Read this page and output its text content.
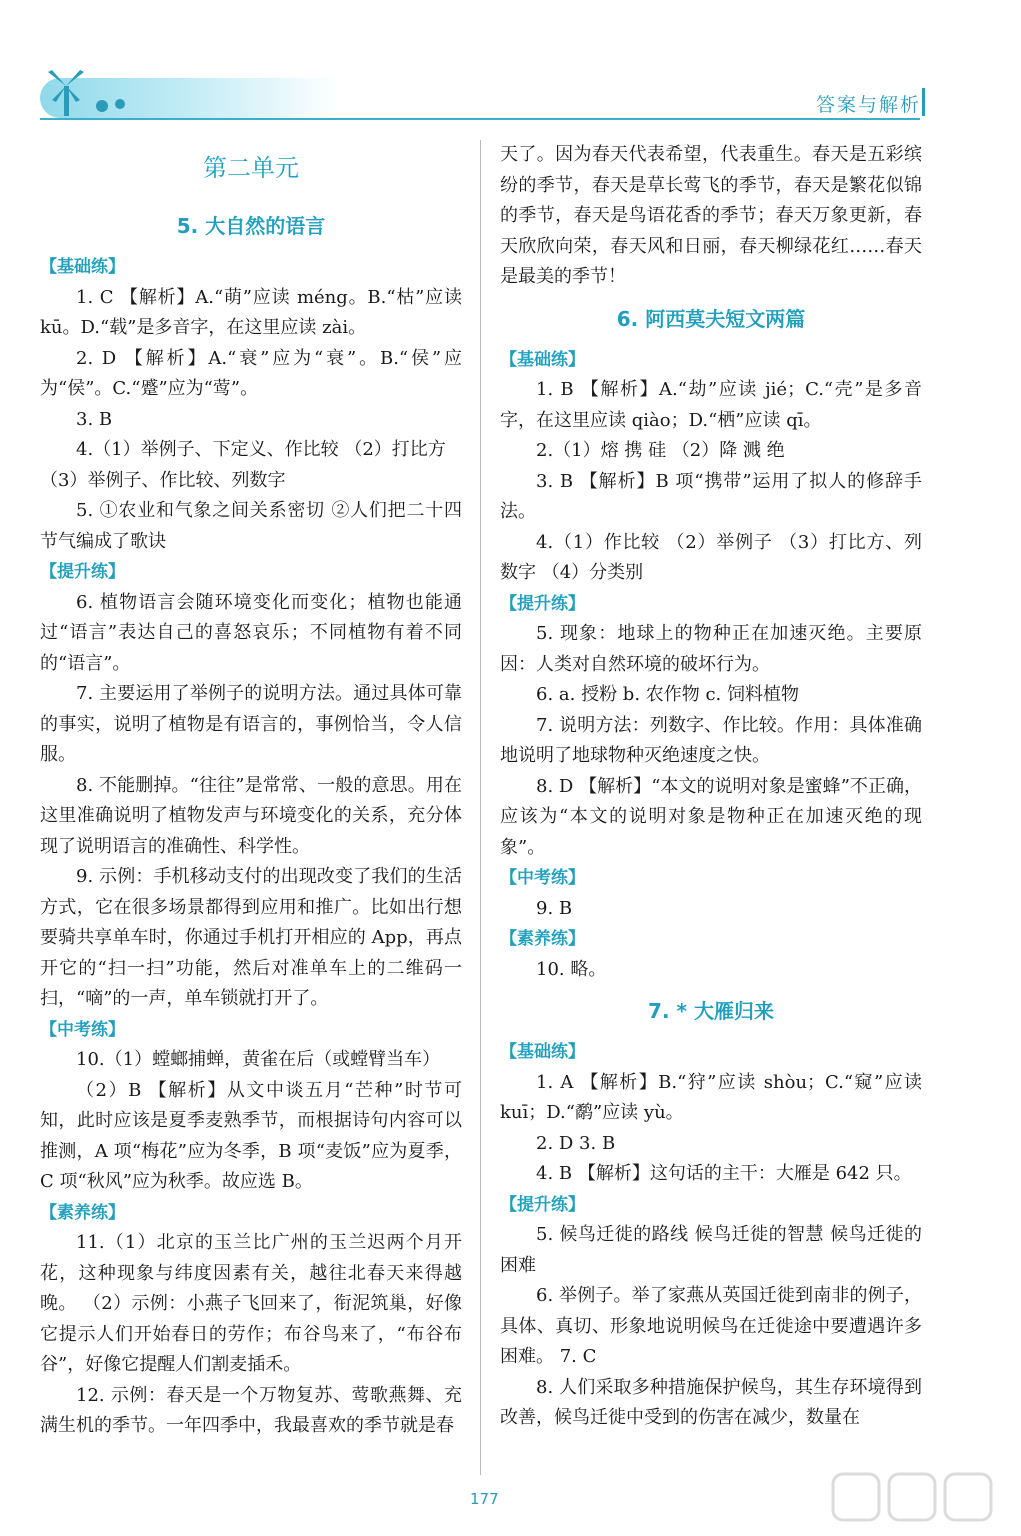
答案与解析
第二单元
5. 大自然的语言
【基础练】
1. C 【解析】A.“萌”应读 méng。B.“枯”应读 kū。D.“载”是多音字，在这里应读 zài。
2. D 【解析】A.“衰”应为“衰”。B.“侯”应为“侯”。C.“蹙”应为“莺”。
3. B
4.（1）举例子、下定义、作比较 （2）打比方
（3）举例子、作比较、列数字
5. ①农业和气象之间关系密切 ②人们把二十四节气编成了歌诀
【提升练】
6. 植物语言会随环境变化而变化；植物也能通过“语言”表达自己的喜怒哀乐；不同植物有着不同的“语言”。
7. 主要运用了举例子的说明方法。通过具体可靠的事实，说明了植物是有语言的，事例恰当，令人信服。
8. 不能删掉。“往往”是常常、一般的意思。用在这里准确说明了植物发声与环境变化的关系，充分体现了说明语言的准确性、科学性。
9. 示例：手机移动支付的出现改变了我们的生活方式，它在很多场景都得到应用和推广。比如出行想要骑共享单车时，你通过手机打开相应的 App，再点开它的“扫一扫”功能，然后对准单车上的二维码一扫，“嘀”的一声，单车锁就打开了。
【中考练】
10.（1）螳螂捕蝉，黄雀在后（或螳臂当车）
（2）B 【解析】从文中谈五月“芒种”时节可知，此时应该是夏季麦熟季节，而根据诗句内容可以推测，A 项“梅花”应为冬季，B 项“麦饭”应为夏季，C 项“秋风”应为秋季。故应选 B。
【素养练】
11.（1）北京的玉兰比广州的玉兰迟两个月开花，这种现象与纬度因素有关，越往北春天来得越晚。 （2）示例：小燕子飞回来了，衔泥筑巢，好像它提示人们开始春日的劳作；布谷鸟来了，“布谷布谷”，好像它提醒人们割麦插禾。
12. 示例：春天是一个万物复苏、莺歌燕舞、充满生机的季节。一年四季中，我最喜欢的季节就是春
天了。因为春天代表希望，代表重生。春天是五彩缤纷的季节，春天是草长莺飞的季节，春天是繁花似锦的季节，春天是鸟语花香的季节；春天万象更新，春天欣欣向荣，春天风和日丽，春天柳绿花红……春天是最美的季节！
6. 阿西莫夫短文两篇
【基础练】
1. B 【解析】A.“劫”应读 jié；C.“壳”是多音字，在这里应读 qiào；D.“栖”应读 qī。
2.（1）熔 携 硅 （2）降 溅 绝
3. B 【解析】B 项“携带”运用了拟人的修辞手法。
4.（1）作比较 （2）举例子 （3）打比方、列数字 （4）分类别
【提升练】
5. 现象：地球上的物种正在加速灭绝。主要原因：人类对自然环境的破坏行为。
6. a. 授粉 b. 农作物 c. 饲料植物
7. 说明方法：列数字、作比较。作用：具体准确地说明了地球物种灭绝速度之快。
8. D 【解析】“本文的说明对象是蜜蜂”不正确，应该为“本文的说明对象是物种正在加速灭绝的现象”。
【中考练】
9. B
【素养练】
10. 略。
7. * 大雁归来
【基础练】
1. A 【解析】B.“狩”应读 shòu；C.“窥”应读 kuī；D.“鹬”应读 yù。
2. D 3. B
4. B 【解析】这句话的主干：大雁是 642 只。
【提升练】
5. 候鸟迁徙的路线 候鸟迁徙的智慧 候鸟迁徙的困难
6. 举例子。举了家燕从英国迁徙到南非的例子，具体、真切、形象地说明候鸟在迁徙途中要遭遇许多困难。 7. C
8. 人们采取多种措施保护候鸟，其生存环境得到改善，候鸟迁徙中受到的伤害在减少，数量在
177
